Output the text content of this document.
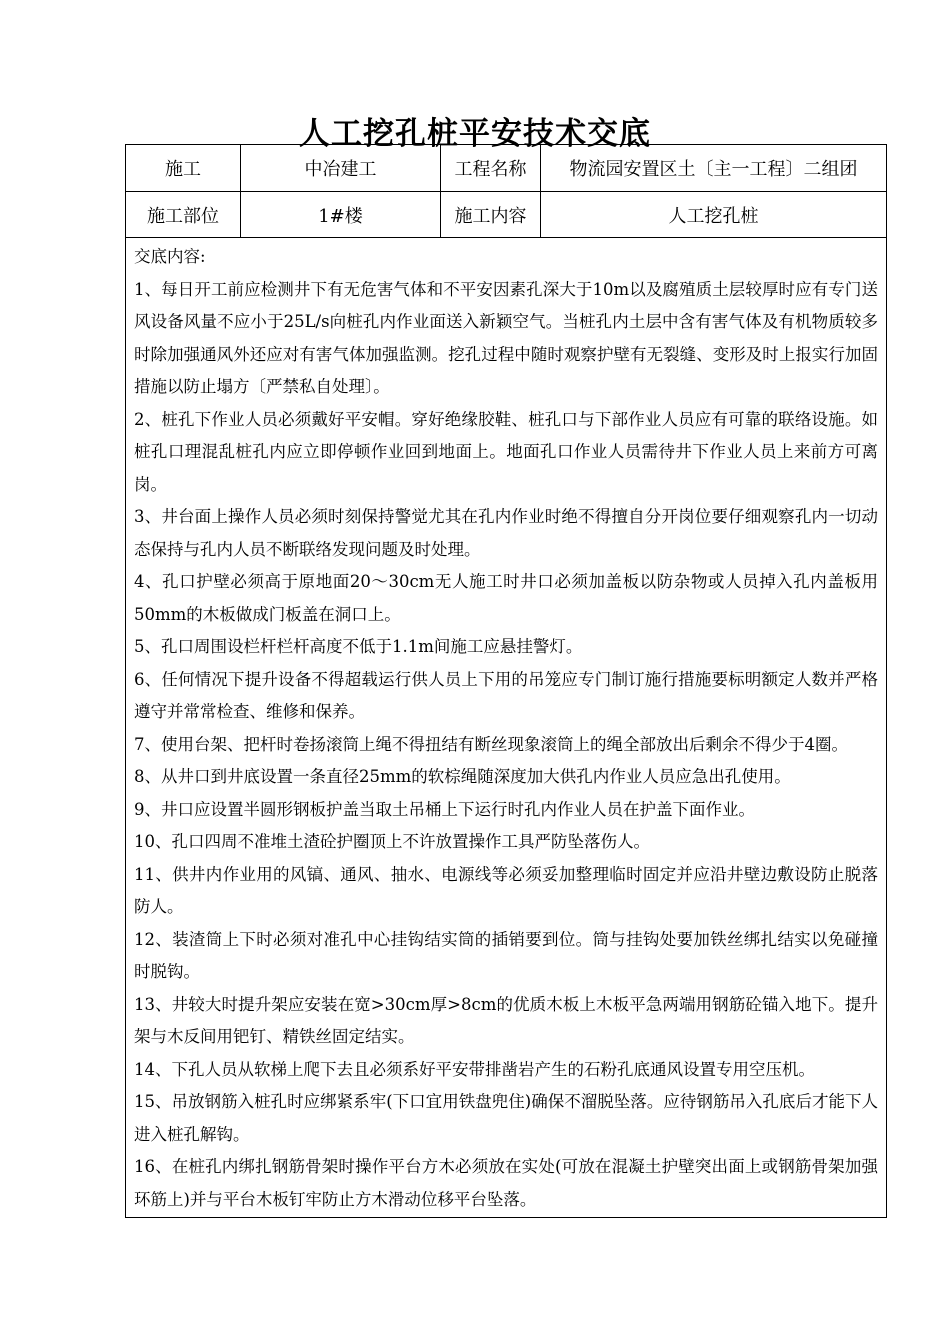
人工挖孔桩平安技术交底
施工	中冶建工	工程名称	物流园安置区土〔主一工程〕二组团
施工部位	1#楼	施工内容	人工挖孔桩

交底内容:

1、每日开工前应检测井下有无危害气体和不平安因素孔深大于10m以及腐殖质土层较厚时应有专门送风设备风量不应小于25L/s向桩孔内作业面送入新颖空气。当桩孔内土层中含有害气体及有机物质较多时除加强通风外还应对有害气体加强监测。挖孔过程中随时观察护壁有无裂缝、变形及时上报实行加固措施以防止塌方〔严禁私自处理〕。

2、桩孔下作业人员必须戴好平安帽。穿好绝缘胶鞋、桩孔口与下部作业人员应有可靠的联络设施。如桩孔口理混乱桩孔内应立即停顿作业回到地面上。地面孔口作业人员需待井下作业人员上来前方可离岗。

3、井台面上操作人员必须时刻保持警觉尤其在孔内作业时绝不得擅自分开岗位要仔细观察孔内一切动态保持与孔内人员不断联络发现问题及时处理。

4、孔口护壁必须高于原地面20～30cm无人施工时井口必须加盖板以防杂物或人员掉入孔内盖板用50mm的木板做成门板盖在洞口上。

5、孔口周围设栏杆栏杆高度不低于1.1m间施工应悬挂警灯。

6、任何情况下提升设备不得超载运行供人员上下用的吊笼应专门制订施行措施要标明额定人数并严格遵守并常常检查、维修和保养。

7、使用台架、把杆时卷扬滚筒上绳不得扭结有断丝现象滚筒上的绳全部放出后剩余不得少于4圈。

8、从井口到井底设置一条直径25mm的软棕绳随深度加大供孔内作业人员应急出孔使用。

9、井口应设置半圆形钢板护盖当取土吊桶上下运行时孔内作业人员在护盖下面作业。

10、孔口四周不准堆土渣砼护圈顶上不许放置操作工具严防坠落伤人。

11、供井内作业用的风镐、通风、抽水、电源线等必须妥加整理临时固定并应沿井壁边敷设防止脱落防人。

12、装渣筒上下时必须对准孔中心挂钩结实筒的插销要到位。筒与挂钩处要加铁丝绑扎结实以免碰撞时脱钩。

13、井较大时提升架应安装在宽>30cm厚>8cm的优质木板上木板平急两端用钢筋砼锚入地下。提升架与木反间用钯钉、精铁丝固定结实。

14、下孔人员从软梯上爬下去且必须系好平安带排凿岩产生的石粉孔底通风设置专用空压机。

15、吊放钢筋入桩孔时应绑紧系牢(下口宜用铁盘兜住)确保不溜脱坠落。应待钢筋吊入孔底后才能下人进入桩孔解钩。

16、在桩孔内绑扎钢筋骨架时操作平台方木必须放在实处(可放在混凝土护壁突出面上或钢筋骨架加强环筋上)并与平台木板钉牢防止方木滑动位移平台坠落。
